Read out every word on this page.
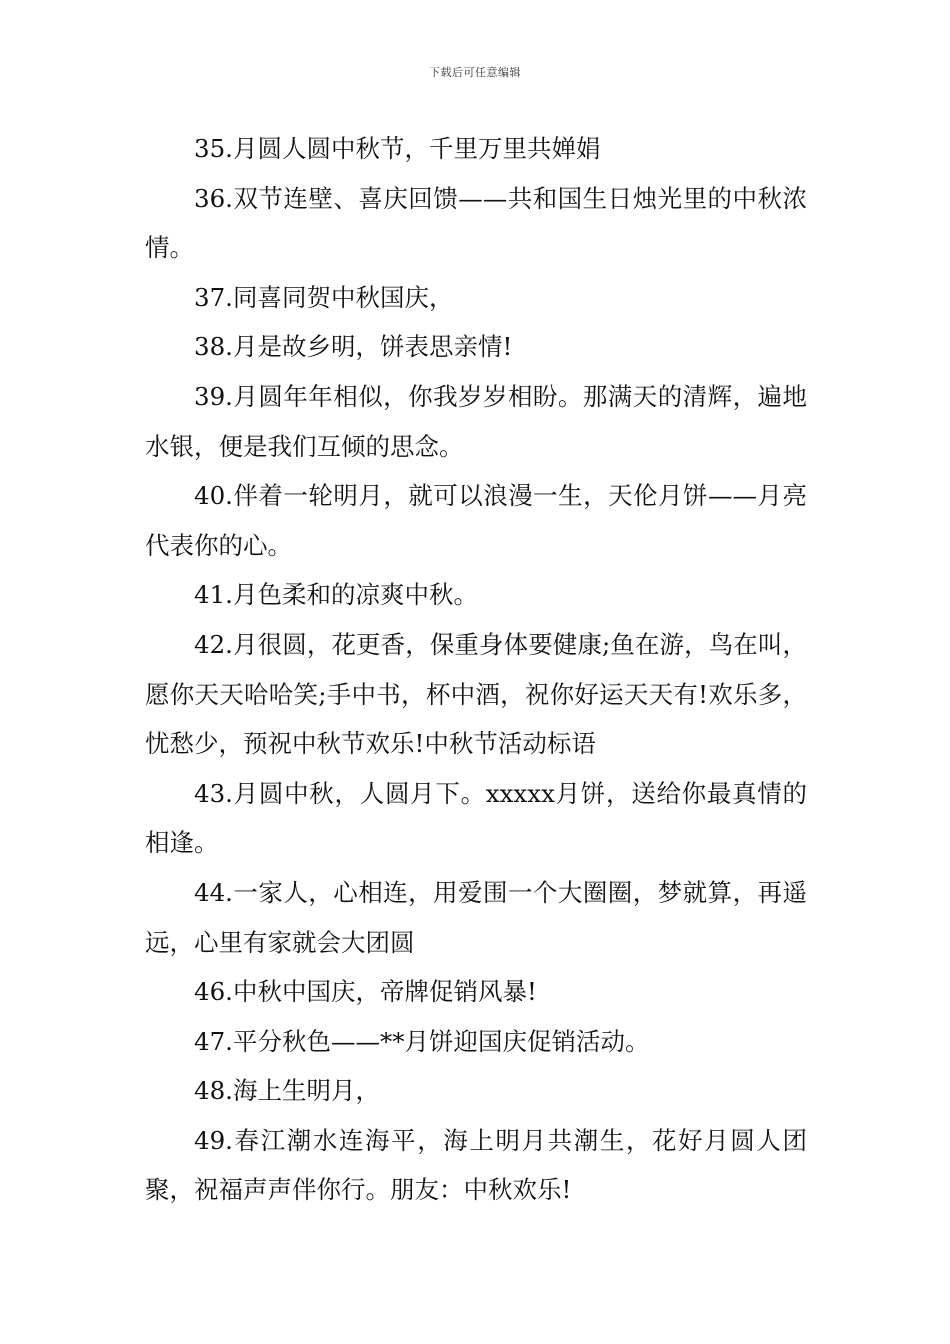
下载后可任意编辑

35.月圆人圆中秋节，千里万里共婵娟

36.双节连壁、喜庆回馈——共和国生日烛光里的中秋浓情。

37.同喜同贺中秋国庆，

38.月是故乡明，饼表思亲情!

39.月圆年年相似，你我岁岁相盼。那满天的清辉，遍地水银，便是我们互倾的思念。

40.伴着一轮明月，就可以浪漫一生，天伦月饼——月亮代表你的心。

41.月色柔和的凉爽中秋。

42.月很圆，花更香，保重身体要健康;鱼在游，鸟在叫，愿你天天哈哈笑;手中书，杯中酒，祝你好运天天有!欢乐多，忧愁少，预祝中秋节欢乐!中秋节活动标语

43.月圆中秋，人圆月下。xxxxx月饼，送给你最真情的相逢。

44.一家人，心相连，用爱围一个大圈圈，梦就算，再遥远，心里有家就会大团圆

46.中秋中国庆，帝牌促销风暴!

47.平分秋色——**月饼迎国庆促销活动。

48.海上生明月，

49.春江潮水连海平，海上明月共潮生，花好月圆人团聚，祝福声声伴你行。朋友：中秋欢乐!
